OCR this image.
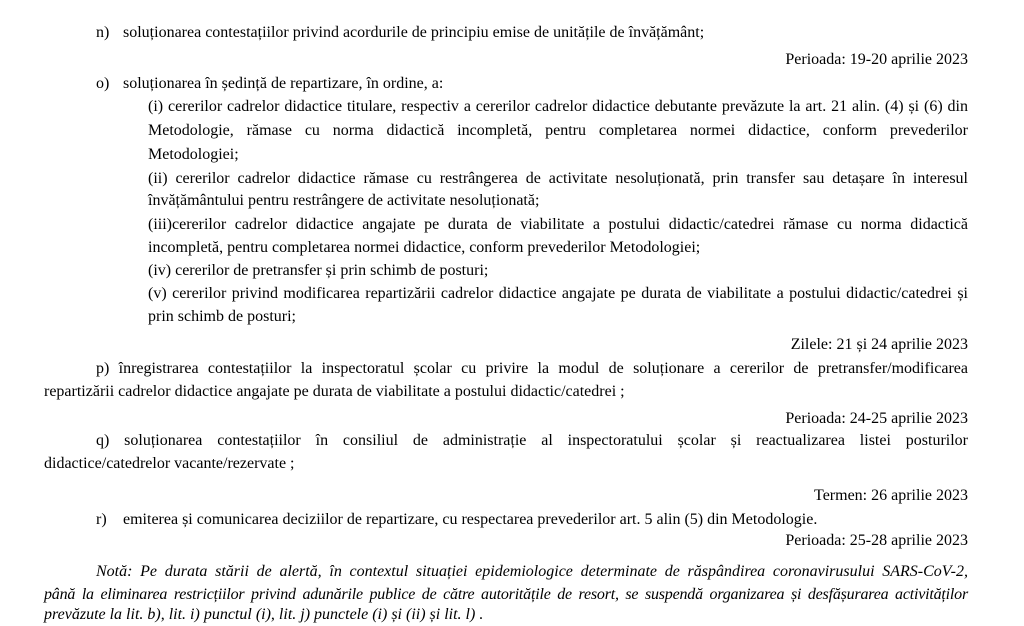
n) soluționarea contestațiilor privind acordurile de principiu emise de unitățile de învățământ;
Perioada: 19-20 aprilie 2023
o) soluționarea în ședință de repartizare, în ordine, a:
(i) cererilor cadrelor didactice titulare, respectiv a cererilor cadrelor didactice debutante prevăzute la art. 21 alin. (4) și (6) din
Metodologie, rămase cu norma didactică incompletă, pentru completarea normei didactice, conform prevederilor
Metodologiei;
(ii) cererilor cadrelor didactice rămase cu restrângerea de activitate nesoluționată, prin transfer sau detașare în interesul
învățământului pentru restrângere de activitate nesoluționată;
(iii)cererilor cadrelor didactice angajate pe durata de viabilitate a postului didactic/catedrei rămase cu norma didactică
incompletă, pentru completarea normei didactice, conform prevederilor Metodologiei;
(iv) cererilor de pretransfer și prin schimb de posturi;
(v) cererilor privind modificarea repartizării cadrelor didactice angajate pe durata de viabilitate a postului didactic/catedrei și
prin schimb de posturi;
Zilele: 21 și 24 aprilie 2023
p) înregistrarea contestațiilor la inspectoratul școlar cu privire la modul de soluționare a cererilor de pretransfer/modificarea
repartizării cadrelor didactice angajate pe durata de viabilitate a postului didactic/catedrei ;
Perioada: 24-25 aprilie 2023
q) soluționarea contestațiilor în consiliul de administrație al inspectoratului școlar și reactualizarea listei posturilor
didactice/catedrelor vacante/rezervate ;
Termen: 26 aprilie 2023
r) emiterea și comunicarea deciziilor de repartizare, cu respectarea prevederilor art. 5 alin (5) din Metodologie.
Perioada: 25-28 aprilie 2023
Notă: Pe durata stării de alertă, în contextul situației epidemiologice determinate de răspândirea coronavirusului SARS-CoV-2,
până la eliminarea restricțiilor privind adunările publice de către autoritățile de resort, se suspendă organizarea și desfășurarea activităților
prevăzute la lit. b), lit. i) punctul (i), lit. j) punctele (i) și (ii) și lit. l) .
